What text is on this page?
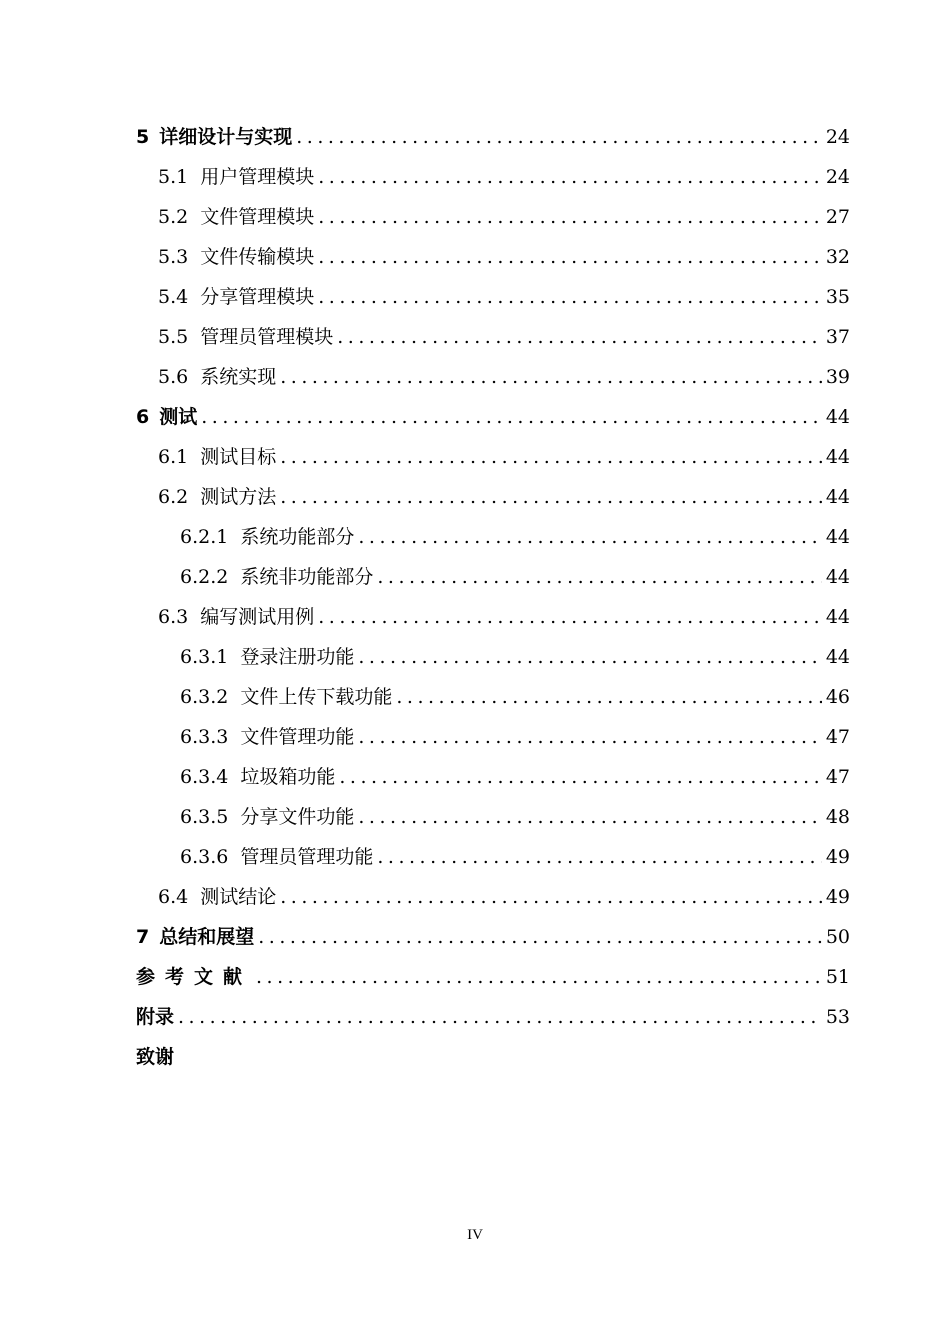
5 详细设计与实现 .....	24
5.1 用户管理模块 .....	24
5.2 文件管理模块 .....	27
5.3 文件传输模块 .....	32
5.4 分享管理模块 .....	35
5.5 管理员管理模块 .....	37
5.6 系统实现 .....	39
6 测试 .....	44
6.1 测试目标 .....	44
6.2 测试方法 .....	44
6.2.1 系统功能部分 .....	44
6.2.2 系统非功能部分 .....	44
6.3 编写测试用例 .....	44
6.3.1 登录注册功能 .....	44
6.3.2 文件上传下载功能 .....	46
6.3.3 文件管理功能 .....	47
6.3.4 垃圾箱功能 .....	47
6.3.5 分享文件功能 .....	48
6.3.6 管理员管理功能 .....	49
6.4 测试结论 .....	49
7 总结和展望 .....	50
参考文献 .....	51
附录 .....	53
致谢
IV
